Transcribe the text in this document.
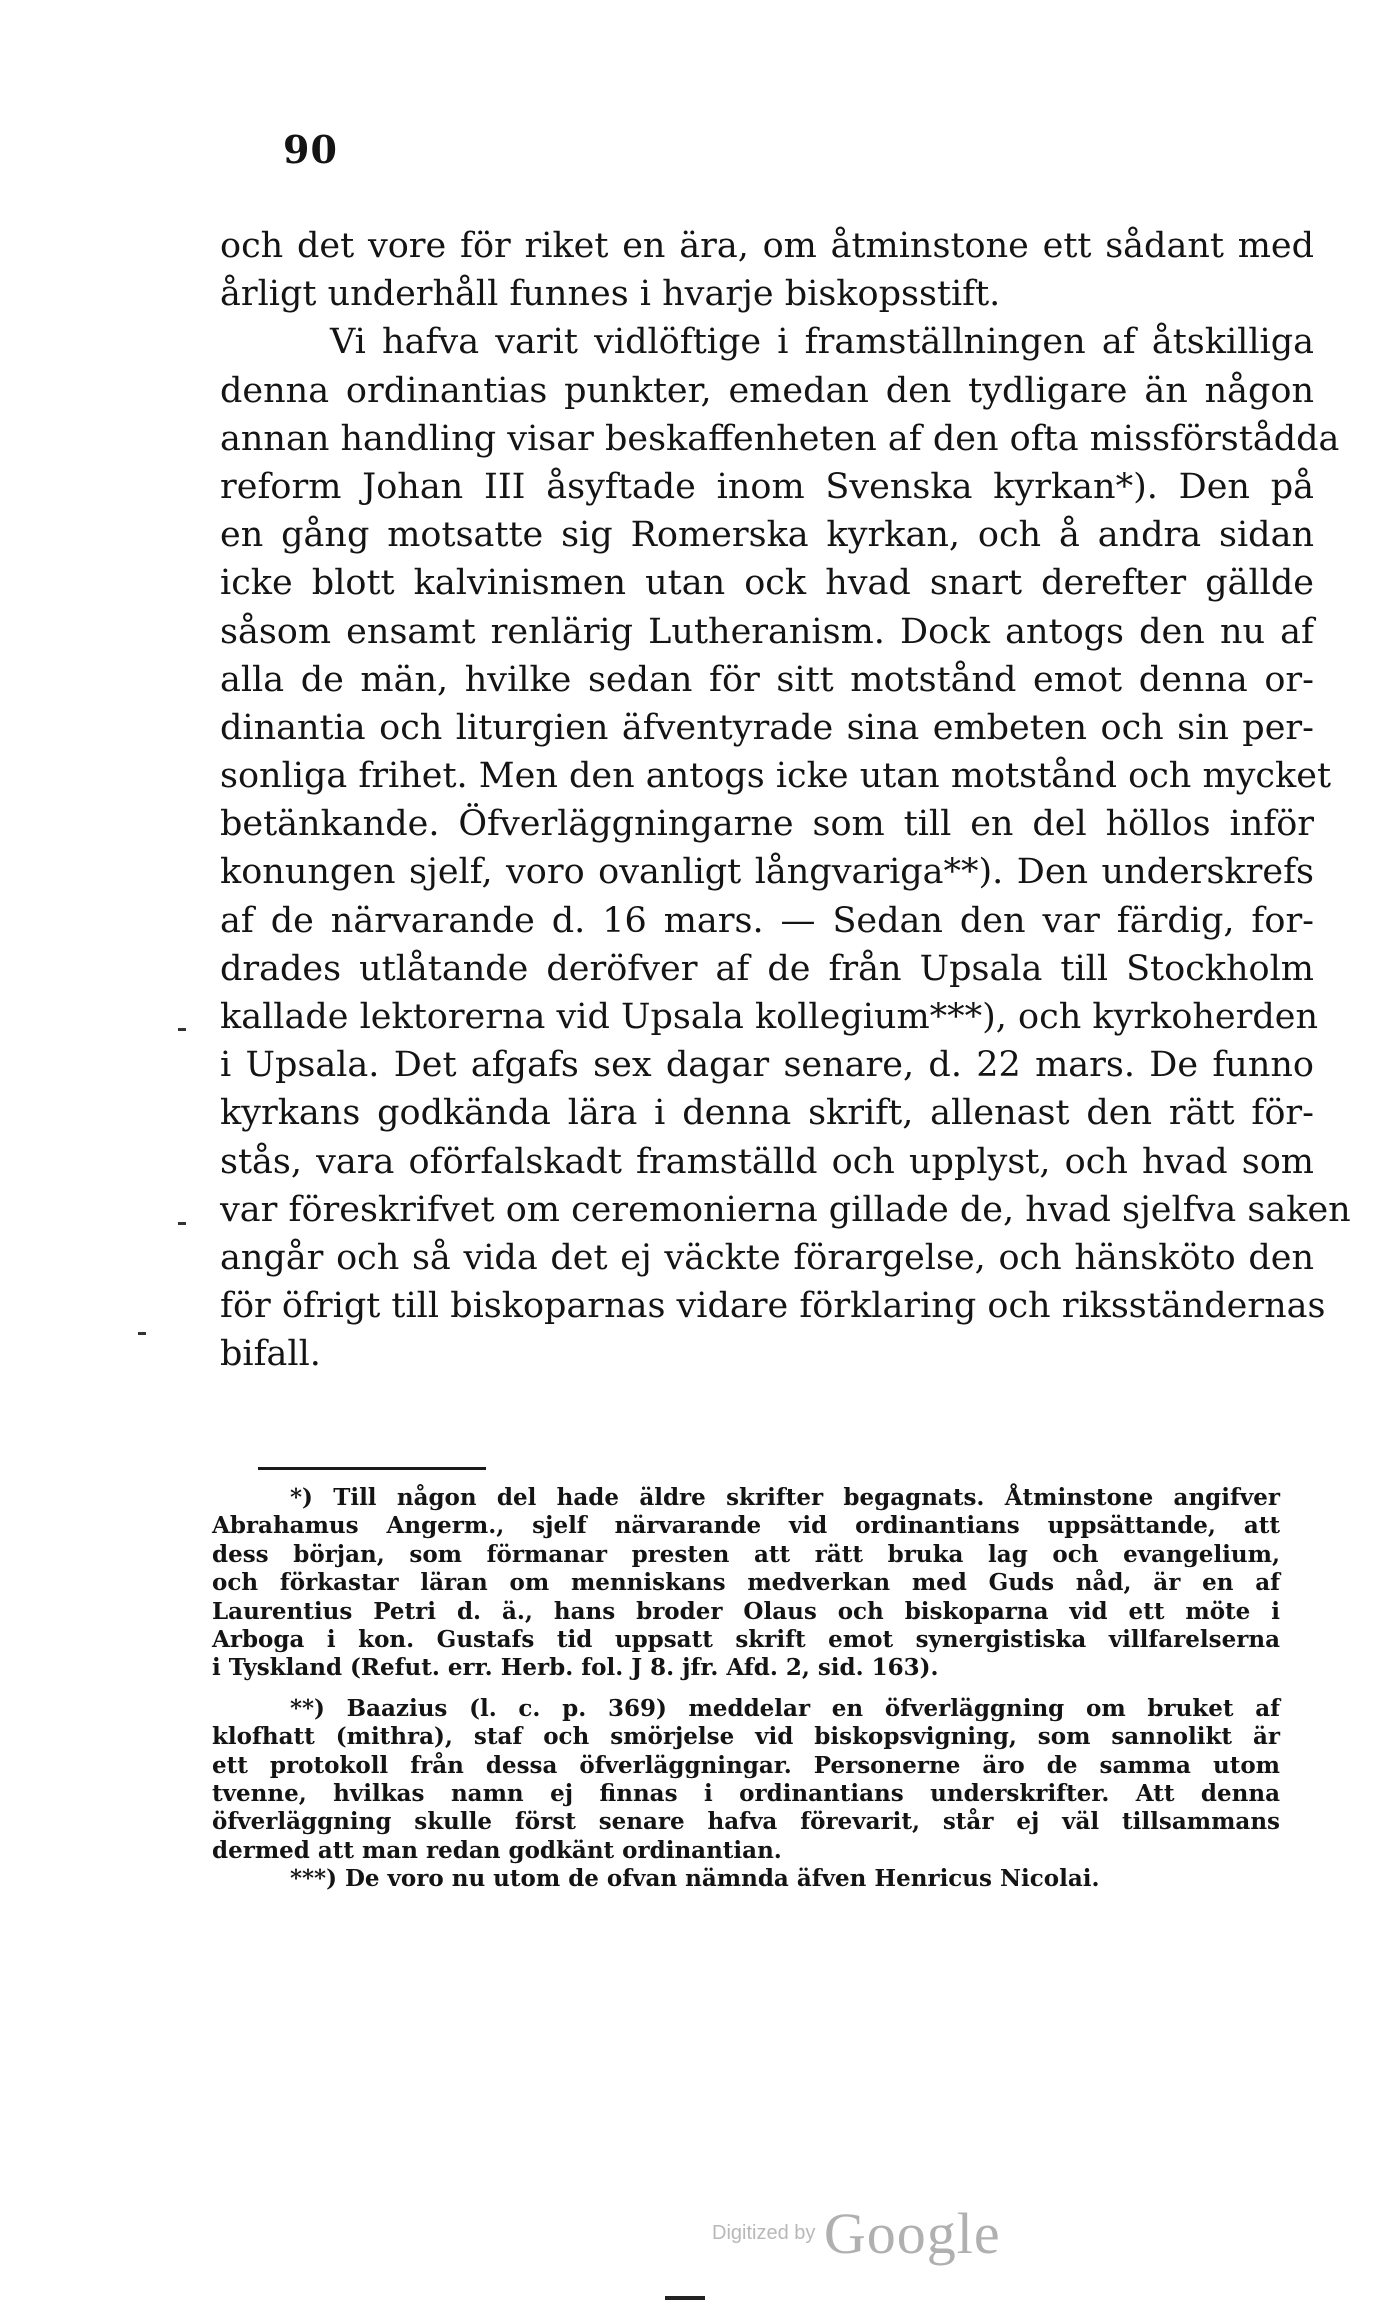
90
och det vore för riket en ära, om åtminstone ett sådant med
årligt underhåll funnes i hvarje biskopsstift.
Vi hafva varit vidlöftige i framställningen af åtskilliga
denna ordinantias punkter, emedan den tydligare än någon
annan handling visar beskaffenheten af den ofta missförstådda
reform Johan III åsyftade inom Svenska kyrkan*). Den på
en gång motsatte sig Romerska kyrkan, och å andra sidan
icke blott kalvinismen utan ock hvad snart derefter gällde
såsom ensamt renlärig Lutheranism. Dock antogs den nu af
alla de män, hvilke sedan för sitt motstånd emot denna or-
dinantia och liturgien äfventyrade sina embeten och sin per-
sonliga frihet. Men den antogs icke utan motstånd och mycket
betänkande. Öfverläggningarne som till en del höllos inför
konungen sjelf, voro ovanligt långvariga**). Den underskrefs
af de närvarande d. 16 mars. — Sedan den var färdig, for-
drades utlåtande deröfver af de från Upsala till Stockholm
kallade lektorerna vid Upsala kollegium***), och kyrkoherden
i Upsala. Det afgafs sex dagar senare, d. 22 mars. De funno
kyrkans godkända lära i denna skrift, allenast den rätt för-
stås, vara oförfalskadt framställd och upplyst, och hvad som
var föreskrifvet om ceremonierna gillade de, hvad sjelfva saken
angår och så vida det ej väckte förargelse, och hänsköto den
för öfrigt till biskoparnas vidare förklaring och riksständernas
bifall.
*) Till någon del hade äldre skrifter begagnats. Åtminstone angifver
Abrahamus Angerm., sjelf närvarande vid ordinantians uppsättande, att
dess början, som förmanar presten att rätt bruka lag och evangelium,
och förkastar läran om menniskans medverkan med Guds nåd, är en af
Laurentius Petri d. ä., hans broder Olaus och biskoparna vid ett möte i
Arboga i kon. Gustafs tid uppsatt skrift emot synergistiska villfarelserna
i Tyskland (Refut. err. Herb. fol. J 8. jfr. Afd. 2, sid. 163).
**) Baazius (l. c. p. 369) meddelar en öfverläggning om bruket af
klofhatt (mithra), staf och smörjelse vid biskopsvigning, som sannolikt är
ett protokoll från dessa öfverläggningar. Personerne äro de samma utom
tvenne, hvilkas namn ej finnas i ordinantians underskrifter. Att denna
öfverläggning skulle först senare hafva förevarit, står ej väl tillsammans
dermed att man redan godkänt ordinantian.
***) De voro nu utom de ofvan nämnda äfven Henricus Nicolai.
Digitized by Google
